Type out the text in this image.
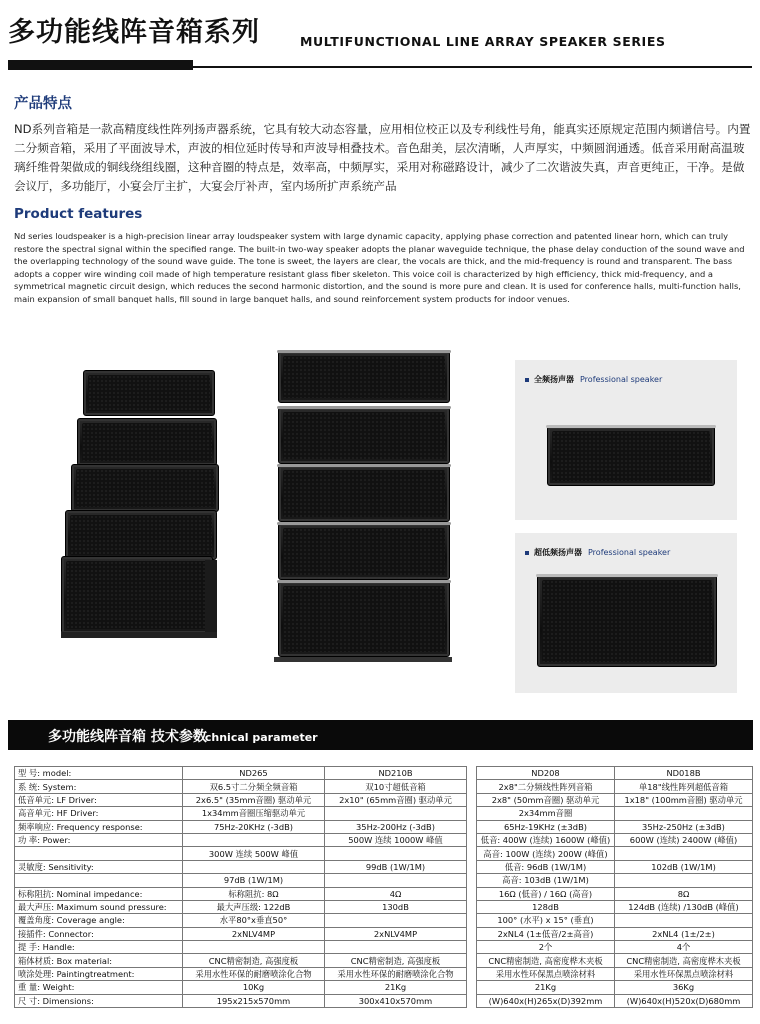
多功能线阵音箱系列	MULTIFUNCTIONAL LINE ARRAY SPEAKER SERIES
产品特点
ND系列音箱是一款高精度线性阵列扬声器系统，它具有较大动态容量，应用相位校正以及专利线性号角，能真实还原规定范围内频谱信号。内置二分频音箱，采用了平面波导术，声波的相位延时传导和声波导相叠技术。音色甜美，层次清晰，人声厚实，中频圆润通透。低音采用耐高温玻璃纤维骨架做成的铜线绕组线圈，这种音圈的特点是，效率高，中频厚实，采用对称磁路设计，减少了二次谐波失真，声音更纯正，干净。是做会议厅，多功能厅，小宴会厅主扩，大宴会厅补声，室内场所扩声系统产品
Product features
Nd series loudspeaker is a high-precision linear array loudspeaker system with large dynamic capacity, applying phase correction and patented linear horn, which can truly restore the spectral signal within the specified range. The built-in two-way speaker adopts the planar waveguide technique, the phase delay conduction of the sound wave and the overlapping technology of the sound wave guide. The tone is sweet, the layers are clear, the vocals are thick, and the mid-frequency is round and transparent. The bass adopts a copper wire winding coil made of high temperature resistant glass fiber skeleton. This voice coil is characterized by high efficiency, thick mid-frequency, and a symmetrical magnetic circuit design, which reduces the second harmonic distortion, and the sound is more pure and clean. It is used for conference halls, multi-function halls, main expansion of small banquet halls, fill sound in large banquet halls, and sound reinforcement system products for indoor venues.
全频扬声器 Professional speaker
超低频扬声器 Professional speaker
多功能线阵音箱 技术参数chnical parameter
型 号: model:	ND265	ND210B
系 统: System:	双6.5寸二分频全频音箱	双10寸超低音箱
低音单元: LF Driver:	2x6.5" (35mm音圈) 驱动单元	2x10" (65mm音圈) 驱动单元
高音单元: HF Driver:	1x34mm音圈压缩驱动单元	
频率响应: Frequency response:	75Hz-20KHz (-3dB)	35Hz-200Hz (-3dB)
功 率: Power:		500W 连续 1000W 峰值
	300W 连续 500W 峰值	
灵敏度: Sensitivity:		99dB (1W/1M)
	97dB (1W/1M)	
标称阻抗: Nominal impedance:	标称阻抗: 8Ω	4Ω
最大声压: Maximum sound pressure:	最大声压级: 122dB	130dB
覆盖角度: Coverage angle:	水平80°x垂直50°	
接插件: Connector:	2xNLV4MP	2xNLV4MP
提 手: Handle:		
箱体材质: Box material:	CNC精密制造, 高强度板	CNC精密制造, 高强度板
喷涂处理: Paintingtreatment:	采用水性环保的耐磨喷涂化合物	采用水性环保的耐磨喷涂化合物
重 量: Weight:	10Kg	21Kg
尺 寸: Dimensions:	195x215x570mm	300x410x570mm
ND208	ND018B
2x8"二分频线性阵列音箱	单18"线性阵列超低音箱
2x8" (50mm音圈) 驱动单元	1x18" (100mm音圈) 驱动单元
2x34mm音圈	
65Hz-19KHz (±3dB)	35Hz-250Hz (±3dB)
低音: 400W (连续) 1600W (峰值)	600W (连续) 2400W (峰值)
高音: 100W (连续) 200W (峰值)	
低音: 96dB (1W/1M)	102dB (1W/1M)
高音: 103dB (1W/1M)	
16Ω (低音) / 16Ω (高音)	8Ω
128dB	124dB (连续) /130dB (峰值)
100° (水平) x 15° (垂直)	
2xNL4 (1±低音/2±高音)	2xNL4 (1±/2±)
2个	4个
CNC精密制造, 高密度桦木夹板	CNC精密制造, 高密度桦木夹板
采用水性环保黑点喷涂材料	采用水性环保黑点喷涂材料
21Kg	36Kg
(W)640x(H)265x(D)392mm	(W)640x(H)520x(D)680mm
